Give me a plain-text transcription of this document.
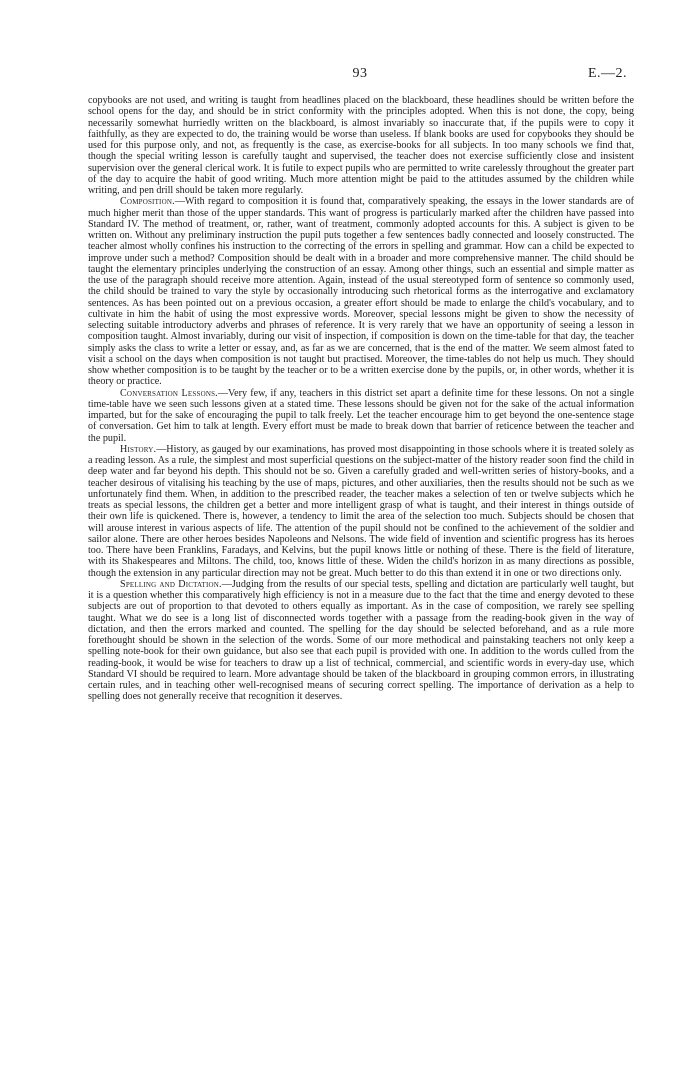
93	E.—2.

copybooks are not used, and writing is taught from headlines placed on the blackboard, these headlines should be written before the school opens for the day, and should be in strict conformity with the principles adopted. When this is not done, the copy, being necessarily somewhat hurriedly written on the blackboard, is almost invariably so inaccurate that, if the pupils were to copy it faithfully, as they are expected to do, the training would be worse than useless. If blank books are used for copybooks they should be used for this purpose only, and not, as frequently is the case, as exercise-books for all subjects. In too many schools we find that, though the special writing lesson is carefully taught and supervised, the teacher does not exercise sufficiently close and insistent supervision over the general clerical work. It is futile to expect pupils who are permitted to write carelessly throughout the greater part of the day to acquire the habit of good writing. Much more attention might be paid to the attitudes assumed by the children while writing, and pen drill should be taken more regularly.

Composition.—With regard to composition it is found that, comparatively speaking, the essays in the lower standards are of much higher merit than those of the upper standards. This want of progress is particularly marked after the children have passed into Standard IV. The method of treatment, or, rather, want of treatment, commonly adopted accounts for this. A subject is given to be written on. Without any preliminary instruction the pupil puts together a few sentences badly connected and loosely constructed. The teacher almost wholly confines his instruction to the correcting of the errors in spelling and grammar. How can a child be expected to improve under such a method? Composition should be dealt with in a broader and more comprehensive manner. The child should be taught the elementary principles underlying the construction of an essay. Among other things, such an essential and simple matter as the use of the paragraph should receive more attention. Again, instead of the usual stereotyped form of sentence so commonly used, the child should be trained to vary the style by occasionally introducing such rhetorical forms as the interrogative and exclamatory sentences. As has been pointed out on a previous occasion, a greater effort should be made to enlarge the child's vocabulary, and to cultivate in him the habit of using the most expressive words. Moreover, special lessons might be given to show the necessity of selecting suitable introductory adverbs and phrases of reference. It is very rarely that we have an opportunity of seeing a lesson in composition taught. Almost invariably, during our visit of inspection, if composition is down on the time-table for that day, the teacher simply asks the class to write a letter or essay, and, as far as we are concerned, that is the end of the matter. We seem almost fated to visit a school on the days when composition is not taught but practised. Moreover, the time-tables do not help us much. They should show whether composition is to be taught by the teacher or to be a written exercise done by the pupils, or, in other words, whether it is theory or practice.

Conversation Lessons.—Very few, if any, teachers in this district set apart a definite time for these lessons. On not a single time-table have we seen such lessons given at a stated time. These lessons should be given not for the sake of the actual information imparted, but for the sake of encouraging the pupil to talk freely. Let the teacher encourage him to get beyond the one-sentence stage of conversation. Get him to talk at length. Every effort must be made to break down that barrier of reticence between the teacher and the pupil.

History.—History, as gauged by our examinations, has proved most disappointing in those schools where it is treated solely as a reading lesson. As a rule, the simplest and most superficial questions on the subject-matter of the history reader soon find the child in deep water and far beyond his depth. This should not be so. Given a carefully graded and well-written series of history-books, and a teacher desirous of vitalising his teaching by the use of maps, pictures, and other auxiliaries, then the results should not be such as we unfortunately find them. When, in addition to the prescribed reader, the teacher makes a selection of ten or twelve subjects which he treats as special lessons, the children get a better and more intelligent grasp of what is taught, and their interest in things outside of their own life is quickened. There is, however, a tendency to limit the area of the selection too much. Subjects should be chosen that will arouse interest in various aspects of life. The attention of the pupil should not be confined to the achievement of the soldier and sailor alone. There are other heroes besides Napoleons and Nelsons. The wide field of invention and scientific progress has its heroes too. There have been Franklins, Faradays, and Kelvins, but the pupil knows little or nothing of these. There is the field of literature, with its Shakespeares and Miltons. The child, too, knows little of these. Widen the child's horizon in as many directions as possible, though the extension in any particular direction may not be great. Much better to do this than extend it in one or two directions only.

Spelling and Dictation.—Judging from the results of our special tests, spelling and dictation are particularly well taught, but it is a question whether this comparatively high efficiency is not in a measure due to the fact that the time and energy devoted to these subjects are out of proportion to that devoted to others equally as important. As in the case of composition, we rarely see spelling taught. What we do see is a long list of disconnected words together with a passage from the reading-book given in the way of dictation, and then the errors marked and counted. The spelling for the day should be selected beforehand, and as a rule more forethought should be shown in the selection of the words. Some of our more methodical and painstaking teachers not only keep a spelling note-book for their own guidance, but also see that each pupil is provided with one. In addition to the words culled from the reading-book, it would be wise for teachers to draw up a list of technical, commercial, and scientific words in every-day use, which Standard VI should be required to learn. More advantage should be taken of the blackboard in grouping common errors, in illustrating certain rules, and in teaching other well-recognised means of securing correct spelling. The importance of derivation as a help to spelling does not generally receive that recognition it deserves.
